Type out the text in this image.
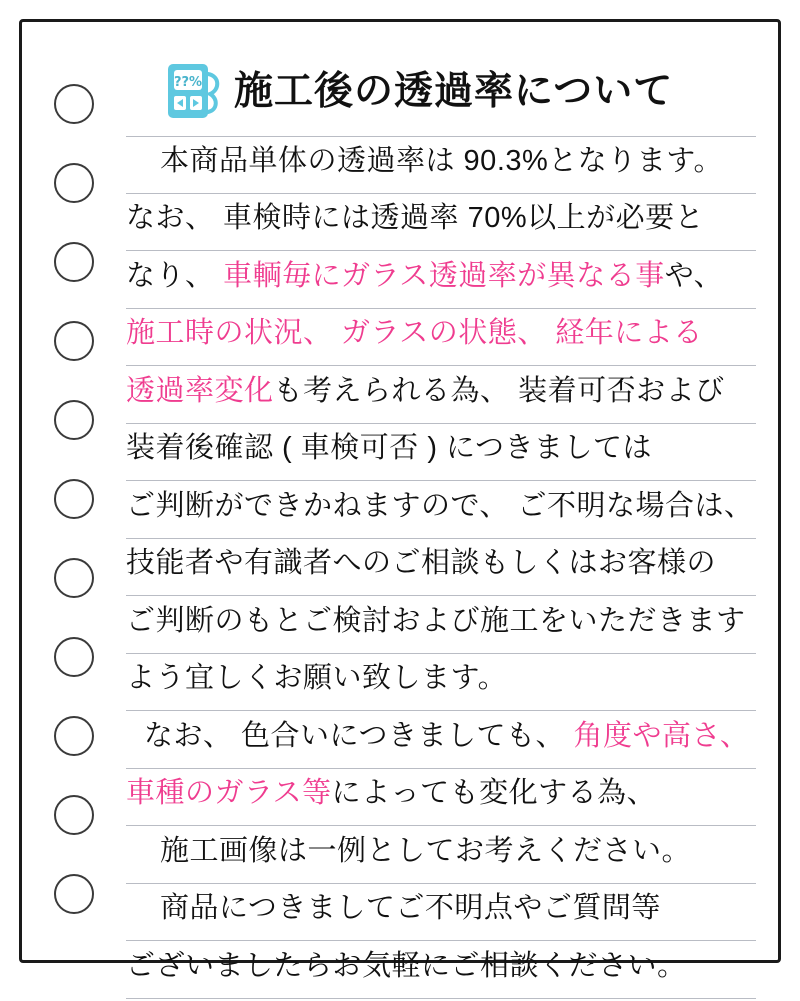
??% 施工後の透過率について
本商品単体の透過率は 90.3%となります。
なお、 車検時には透過率 70%以上が必要と
なり、 車輌毎にガラス透過率が異なる事や、
施工時の状況、 ガラスの状態、 経年による
透過率変化も考えられる為、 装着可否および
装着後確認 ( 車検可否 ) につきましては
ご判断ができかねますので、 ご不明な場合は、
技能者や有識者へのご相談もしくはお客様の
ご判断のもとご検討および施工をいただきます
よう宜しくお願い致します。
なお、 色合いにつきましても、 角度や高さ、
車種のガラス等によっても変化する為、
施工画像は一例としてお考えください。
商品につきましてご不明点やご質問等
ございましたらお気軽にご相談ください。
